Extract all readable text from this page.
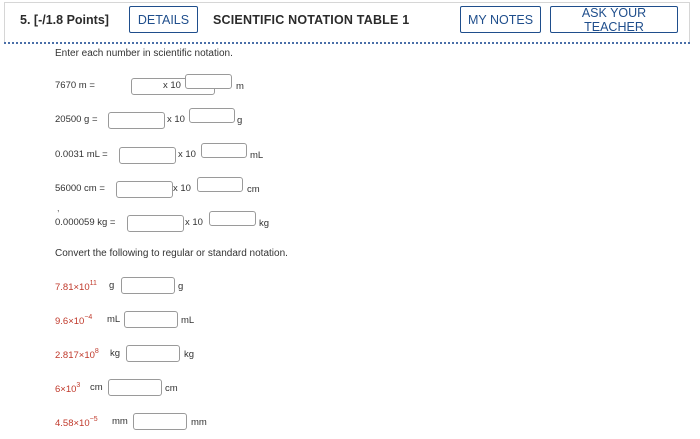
5. [-/1.8 Points]	DETAILS	SCIENTIFIC NOTATION TABLE 1	MY NOTES	ASK YOUR TEACHER
Enter each number in scientific notation.
7670 m =	x 10	m
20500 g =	x 10	g
0.0031 mL =	x 10	mL
56000 cm =	x 10	cm
,
0.000059 kg =	x 10	kg
Convert the following to regular or standard notation.
$7.81\times 10^{11}$ g	g
$9.6\times 10^{-4}$ mL	mL
$2.817\times 10^8$ kg	kg
$6\times 10^3$ cm	cm
$4.58\times 10^{-5}$ mm	mm
